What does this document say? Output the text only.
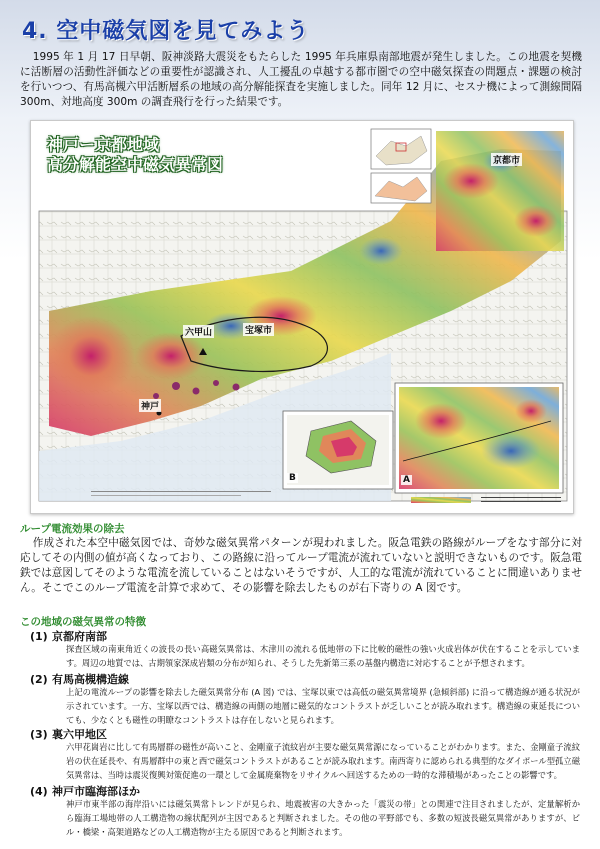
4. 空中磁気図を見てみよう
1995 年 1 月 17 日早朝、阪神淡路大震災をもたらした 1995 年兵庫県南部地震が発生しました。この地震を契機に活断層の活動性評価などの重要性が認識され、人工擾乱の卓越する都市圏での空中磁気探査の問題点・課題の検討を行いつつ、有馬高槻六甲活断層系の地域の高分解能探査を実施しました。同年 12 月に、セスナ機によって測線間隔 300m、対地高度 300m の調査飛行を行った結果です。
神戸ー京都地域
高分解能空中磁気異常図	京都市
六甲山	宝塚市
神戸
B	A
ループ電流効果の除去
作成された本空中磁気図では、奇妙な磁気異常パターンが現われました。阪急電鉄の路線がループをなす部分に対応してその内側の値が高くなっており、この路線に沿ってループ電流が流れていないと説明できないものです。阪急電鉄では意図してそのような電流を流していることはないそうですが、人工的な電流が流れていることに間違いありません。そこでこのループ電流を計算で求めて、その影響を除去したものが右下寄りの A 図です。
この地域の磁気異常の特徴
(1) 京都府南部
探査区域の南東角近くの波長の長い高磁気異常は、木津川の流れる低地帯の下に比較的磁性の強い火成岩体が伏在することを示しています。周辺の地質では、古期領家深成岩類の分布が知られ、そうした先新第三系の基盤内構造に対応することが予想されます。
(2) 有馬高槻構造線
上記の電流ループの影響を除去した磁気異常分布 (A 図) では、宝塚以東では高低の磁気異常境界 (急傾斜部) に沿って構造線が通る状況が示されています。一方、宝塚以西では、構造線の両側の地層に磁気的なコントラストが乏しいことが読み取れます。構造線の東延長についても、少なくとも磁性の明瞭なコントラストは存在しないと見られます。
(3) 裏六甲地区
六甲花崗岩に比して有馬層群の磁性が高いこと、金剛童子流紋岩が主要な磁気異常源になっていることがわかります。また、金剛童子流紋岩の伏在延長や、有馬層群中の東と西で磁気コントラストがあることが読み取れます。南西寄りに認められる典型的なダイポール型孤立磁気異常は、当時は震災復興対策促進の一環として金属廃棄物をリサイクルへ回送するための一時的な滞積場があったことの影響です。
(4) 神戸市臨海部ほか
神戸市東半部の海岸沿いには磁気異常トレンドが見られ、地震被害の大きかった「震災の帯」との関連で注目されましたが、定量解析から臨海工場地帯の人工構造物の線状配列が主因であると判断されました。その他の平野部でも、多数の短波長磁気異常がありますが、ビル・橋梁・高架道路などの人工構造物が主たる原因であると判断されます。
